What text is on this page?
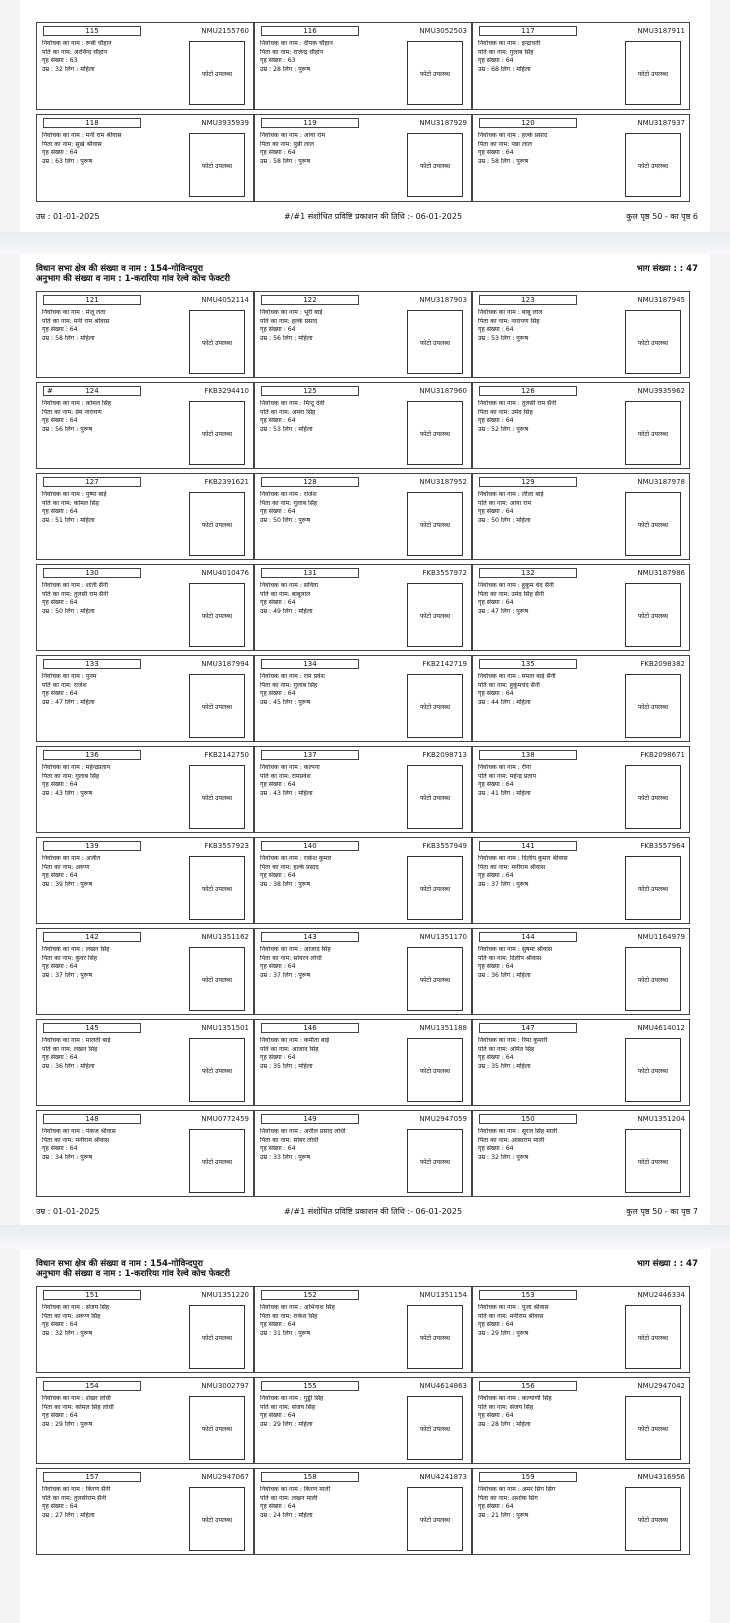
115	NMU2155760
निर्वाचक का नाम : रूबी चौहान
पति का नाम: अरविन्द चौहान
गृह संख्या : 63
उम्र : 32 लिंग : महिला
फोटो उपलब्ध
116	NMU3052503
निर्वाचक का नाम : दीपक चौहान
पिता का नाम: राजेन्द्र चौहान
गृह संख्या : 63
उम्र : 28 लिंग : पुरूष
फोटो उपलब्ध
117	NMU3187911
निर्वाचक का नाम : इन्द्रावती
पति का नाम: गुलाब सिंह
गृह संख्या : 64
उम्र : 68 लिंग : महिला
फोटो उपलब्ध
118	NMU3935939
निर्वाचक का नाम : मनी राम श्रीवास
पिता का नाम: सुखे श्रीवास
गृह संख्या : 64
उम्र : 63 लिंग : पुरूष
फोटो उपलब्ध
119	NMU3187929
निर्वाचक का नाम : आया राम
पिता का नाम: पुन्नी लाल
गृह संख्या : 64
उम्र : 58 लिंग : पुरूष
फोटो उपलब्ध
120	NMU3187937
निर्वाचक का नाम : हल्के प्रसाद
पिता का नाम: पन्ना लाल
गृह संख्या : 64
उम्र : 58 लिंग : पुरूष
फोटो उपलब्ध
उम्र : 01-01-2025	#/#1 संशोधित प्रविष्टि प्रकाशन की तिथि :- 06-01-2025	कुल पृष्ठ 50 - का पृष्ठ 6
विधान सभा क्षेत्र की संख्या व नाम : 154-गोविन्दपुरा
अनुभाग की संख्या व नाम : 1-करारिया गांव रेल्वे कोच फेक्टरी
भाग संख्या : : 47
121	NMU4052114
निर्वाचक का नाम : मंजू लता
पति का नाम: मनी राम श्रीवास
गृह संख्या : 64
उम्र : 58 लिंग : महिला
फोटो उपलब्ध
122	NMU3187903
निर्वाचक का नाम : भूरी बाई
पति का नाम: हल्के प्रसाद
गृह संख्या : 64
उम्र : 56 लिंग : महिला
फोटो उपलब्ध
123	NMU3187945
निर्वाचक का नाम : बाबू लाल
पिता का नाम: नारायण सिंह
गृह संख्या : 64
उम्र : 53 लिंग : पुरूष
फोटो उपलब्ध
#	124	FKB3294410
निर्वाचक का नाम : कोमल सिंह
पिता का नाम: प्रेम नारायण
गृह संख्या : 64
उम्र : 56 लिंग : पुरूष
फोटो उपलब्ध
125	NMU3187960
निर्वाचक का नाम : मिन्टू देवी
पति का नाम: अमरा सिंह
गृह संख्या : 64
उम्र : 53 लिंग : महिला
फोटो उपलब्ध
126	NMU3935962
निर्वाचक का नाम : तुलसी राम सैनी
पिता का नाम: उमेद सिंह
गृह संख्या : 64
उम्र : 52 लिंग : पुरूष
फोटो उपलब्ध
127	FKB2391621
निर्वाचक का नाम : पुष्पा बाई
पति का नाम: कोमल सिंह
गृह संख्या : 64
उम्र : 51 लिंग : महिला
फोटो उपलब्ध
128	NMU3187952
निर्वाचक का नाम : राजेश
पिता का नाम: गुलाब सिंह
गृह संख्या : 64
उम्र : 50 लिंग : पुरूष
फोटो उपलब्ध
129	NMU3187978
निर्वाचक का नाम : लीला बाई
पति का नाम: आया राम
गृह संख्या : 64
उम्र : 50 लिंग : महिला
फोटो उपलब्ध
130	NMU4010476
निर्वाचक का नाम : शांती सैनी
पति का नाम: तुलसी राम सैनी
गृह संख्या : 64
उम्र : 50 लिंग : महिला
फोटो उपलब्ध
131	FKB3557972
निर्वाचक का नाम : सविता
पति का नाम: बाबूलाल
गृह संख्या : 64
उम्र : 49 लिंग : महिला
फोटो उपलब्ध
132	NMU3187986
निर्वाचक का नाम : हुकुम चंद सैनी
पिता का नाम: उमेद सिंह सैनी
गृह संख्या : 64
उम्र : 47 लिंग : पुरूष
फोटो उपलब्ध
133	NMU3187994
निर्वाचक का नाम : पुनम
पति का नाम: राजेश
गृह संख्या : 64
उम्र : 47 लिंग : महिला
फोटो उपलब्ध
134	FKB2142719
निर्वाचक का नाम : राम प्रवेश
पिता का नाम: गुलाब सिंह
गृह संख्या : 64
उम्र : 45 लिंग : पुरूष
फोटो उपलब्ध
135	FKB2098382
निर्वाचक का नाम : ममता बाई सैनी
पति का नाम: हुकुमचंद सैनी
गृह संख्या : 64
उम्र : 44 लिंग : महिला
फोटो उपलब्ध
136	FKB2142750
निर्वाचक का नाम : महेन्द्रप्रताप
पिता का नाम: गुलाब सिंह
गृह संख्या : 64
उम्र : 43 लिंग : पुरूष
फोटो उपलब्ध
137	FKB2098713
निर्वाचक का नाम : कल्पना
पति का नाम: रामप्रवेश
गृह संख्या : 64
उम्र : 43 लिंग : महिला
फोटो उपलब्ध
138	FKB2098671
निर्वाचक का नाम : रीना
पति का नाम: महेन्द्र प्रताप
गृह संख्या : 64
उम्र : 41 लिंग : महिला
फोटो उपलब्ध
139	FKB3557923
निर्वाचक का नाम : अजीत
पिता का नाम: अरूण
गृह संख्या : 64
उम्र : 39 लिंग : पुरूष
फोटो उपलब्ध
140	FKB3557949
निर्वाचक का नाम : राकेश कुमार
पिता का नाम: हल्के प्रसाद
गृह संख्या : 64
उम्र : 38 लिंग : पुरूष
फोटो उपलब्ध
141	FKB3557964
निर्वाचक का नाम : दिलीप कुमार श्रीवास
पिता का नाम: मनीराम श्रीवास
गृह संख्या : 64
उम्र : 37 लिंग : पुरूष
फोटो उपलब्ध
142	NMU1351162
निर्वाचक का नाम : लखन सिंह
पिता का नाम: कुंवर सिंह
गृह संख्या : 64
उम्र : 37 लिंग : पुरूष
फोटो उपलब्ध
143	NMU1351170
निर्वाचक का नाम : आजाद सिंह
पिता का नाम: सोवरन लोधी
गृह संख्या : 64
उम्र : 37 लिंग : पुरूष
फोटो उपलब्ध
144	NMU1164979
निर्वाचक का नाम : सुषमा श्रीवास
पति का नाम: दिलीप श्रीवास
गृह संख्या : 64
उम्र : 36 लिंग : महिला
फोटो उपलब्ध
145	NMU1351501
निर्वाचक का नाम : मालती बाई
पति का नाम: लखन सिंह
गृह संख्या : 64
उम्र : 36 लिंग : महिला
फोटो उपलब्ध
146	NMU1351188
निर्वाचक का नाम : कमीता बाई
पति का नाम: आजाद सिंह
गृह संख्या : 64
उम्र : 35 लिंग : महिला
फोटो उपलब्ध
147	NMU4614012
निर्वाचक का नाम : रिमा कुमारी
पति का नाम: अमित सिंह
गृह संख्या : 64
उम्र : 35 लिंग : महिला
फोटो उपलब्ध
148	NMU0772459
निर्वाचक का नाम : पंकज श्रीवास
पिता का नाम: मनीराम श्रीवास
गृह संख्या : 64
उम्र : 34 लिंग : पुरूष
फोटो उपलब्ध
149	NMU2947059
निर्वाचक का नाम : अनील प्रसाद लोधी
पिता का नाम: सोबर लोधी
गृह संख्या : 64
उम्र : 33 लिंग : पुरूष
फोटो उपलब्ध
150	NMU1351204
निर्वाचक का नाम : सूरज सिंह माली
पिता का नाम: आसाराम माली
गृह संख्या : 64
उम्र : 32 लिंग : पुरूष
फोटो उपलब्ध
उम्र : 01-01-2025	#/#1 संशोधित प्रविष्टि प्रकाशन की तिथि :- 06-01-2025	कुल पृष्ठ 50 - का पृष्ठ 7
विधान सभा क्षेत्र की संख्या व नाम : 154-गोविन्दपुरा
अनुभाग की संख्या व नाम : 1-करारिया गांव रेल्वे कोच फेक्टरी
भाग संख्या : : 47
151	NMU1351220
निर्वाचक का नाम : संजय सिंह
पिता का नाम: अरूण सिंह
गृह संख्या : 64
उम्र : 32 लिंग : पुरूष
फोटो उपलब्ध
152	NMU1351154
निर्वाचक का नाम : अभिनाश सिंह
पिता का नाम: राकेश सिंह
गृह संख्या : 64
उम्र : 31 लिंग : पुरूष
फोटो उपलब्ध
153	NMU2446334
निर्वाचक का नाम : पूजा श्रीवास
पति का नाम: मनीराम श्रीवास
गृह संख्या : 64
उम्र : 29 लिंग : पुरूष
फोटो उपलब्ध
154	NMU3002797
निर्वाचक का नाम : शेखर लोधी
पिता का नाम: कोमल सिंह लोधी
गृह संख्या : 64
उम्र : 29 लिंग : पुरूष
फोटो उपलब्ध
155	NMU4614863
निर्वाचक का नाम : गुड्डी सिंह
पति का नाम: संजय सिंह
गृह संख्या : 64
उम्र : 29 लिंग : महिला
फोटो उपलब्ध
156	NMU2947042
निर्वाचक का नाम : कल्याणी सिंह
पति का नाम: संजय सिंह
गृह संख्या : 64
उम्र : 28 लिंग : महिला
फोटो उपलब्ध
157	NMU2947067
निर्वाचक का नाम : किरण सैनी
पति का नाम: तुलसीराम सैनी
गृह संख्या : 64
उम्र : 27 लिंग : महिला
फोटो उपलब्ध
158	NMU4241873
निर्वाचक का नाम : किरण माली
पति का नाम: लखन माली
गृह संख्या : 64
उम्र : 24 लिंग : महिला
फोटो उपलब्ध
159	NMU4316956
निर्वाचक का नाम : अमर सिंग सिंग
पिता का नाम: अशोक सिंग
गृह संख्या : 64
उम्र : 21 लिंग : पुरूष
फोटो उपलब्ध
